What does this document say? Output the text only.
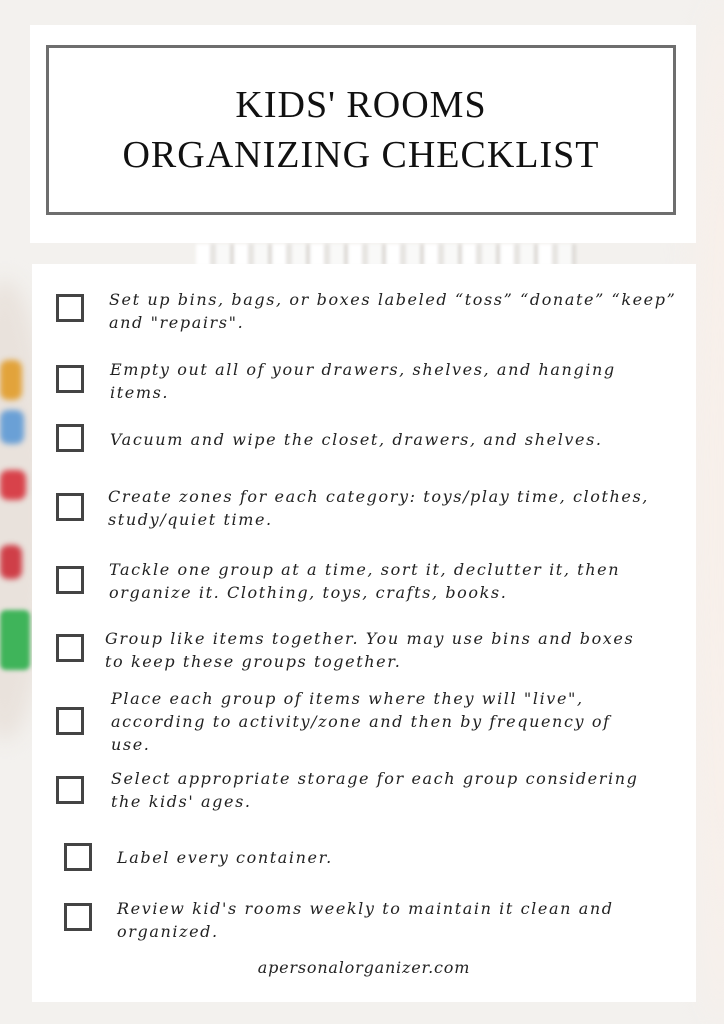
KIDS' ROOMS
ORGANIZING CHECKLIST
Set up bins, bags, or boxes labeled “toss” “donate” “keep”
and "repairs".
Empty out all of your drawers, shelves, and hanging
items.
Vacuum and wipe the closet, drawers, and shelves.
Create zones for each category: toys/play time, clothes,
study/quiet time.
Tackle one group at a time, sort it, declutter it, then
organize it. Clothing, toys, crafts, books.
Group like items together. You may use bins and boxes
to keep these groups together.
Place each group of items where they will "live",
according to activity/zone and then by frequency of
use.
Select appropriate storage for each group considering
the kids' ages.
Label every container.
Review kid's rooms weekly to maintain it clean and
organized.
apersonalorganizer.com
